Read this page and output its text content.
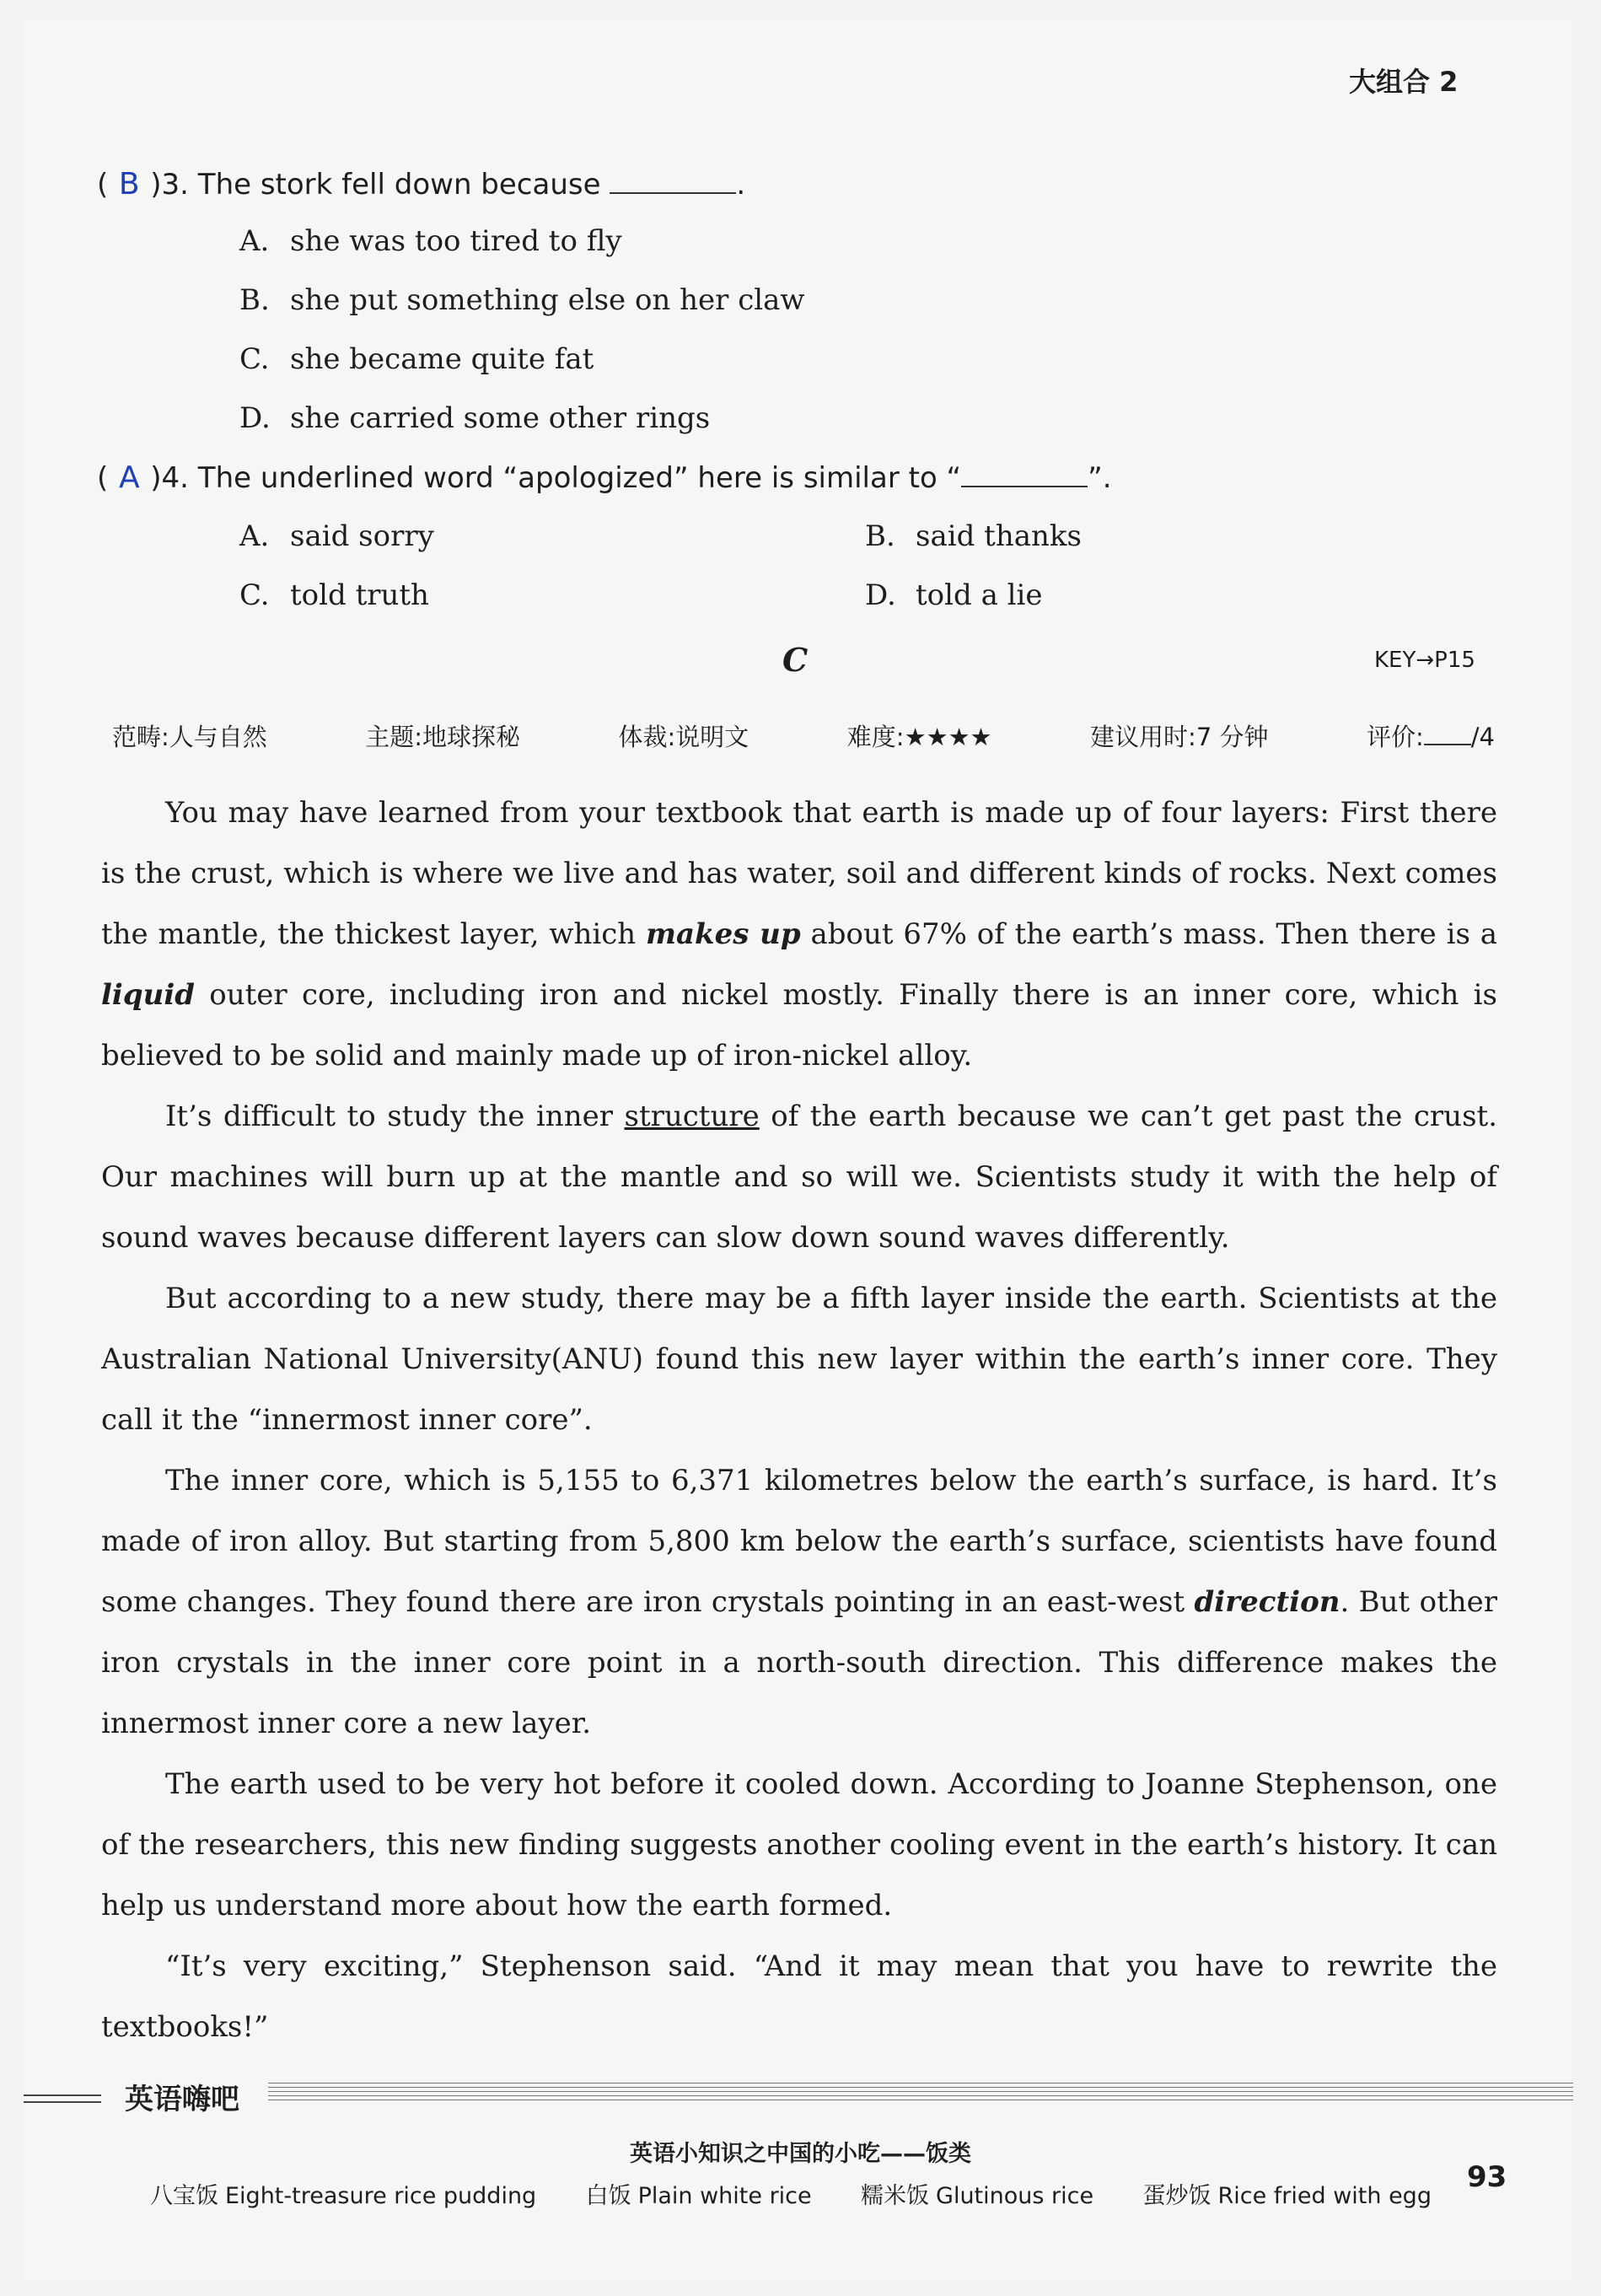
大组合 2
( B )3. The stork fell down because	.
A. she was too tired to fly
B. she put something else on her claw
C. she became quite fat
D. she carried some other rings
( A )4. The underlined word “apologized” here is similar to “	”.
A. said sorry	B. said thanks
C. told truth	D. told a lie
C	KEY→P15
范畴:人与自然	主题:地球探秘	体裁:说明文	难度:★★★★	建议用时:7 分钟	评价: /4

You may have learned from your textbook that earth is made up of four layers: First there is the crust, which is where we live and has water, soil and different kinds of rocks. Next comes the mantle, the thickest layer, which makes up about 67% of the earth’s mass. Then there is a liquid outer core, including iron and nickel mostly. Finally there is an inner core, which is believed to be solid and mainly made up of iron-nickel alloy.

It’s difficult to study the inner structure of the earth because we can’t get past the crust. Our machines will burn up at the mantle and so will we. Scientists study it with the help of sound waves because different layers can slow down sound waves differently.

But according to a new study, there may be a fifth layer inside the earth. Scientists at the Australian National University(ANU) found this new layer within the earth’s inner core. They call it the “innermost inner core”.

The inner core, which is 5,155 to 6,371 kilometres below the earth’s surface, is hard. It’s made of iron alloy. But starting from 5,800 km below the earth’s surface, scientists have found some changes. They found there are iron crystals pointing in an east-west direction. But other iron crystals in the inner core point in a north-south direction. This difference makes the innermost inner core a new layer.

The earth used to be very hot before it cooled down. According to Joanne Stephenson, one of the researchers, this new finding suggests another cooling event in the earth’s history. It can help us understand more about how the earth formed.

“It’s very exciting,” Stephenson said. “And it may mean that you have to rewrite the textbooks!”

英语嗨吧
英语小知识之中国的小吃——饭类
八宝饭 Eight-treasure rice pudding 白饭 Plain white rice 糯米饭 Glutinous rice 蛋炒饭 Rice fried with egg
93
